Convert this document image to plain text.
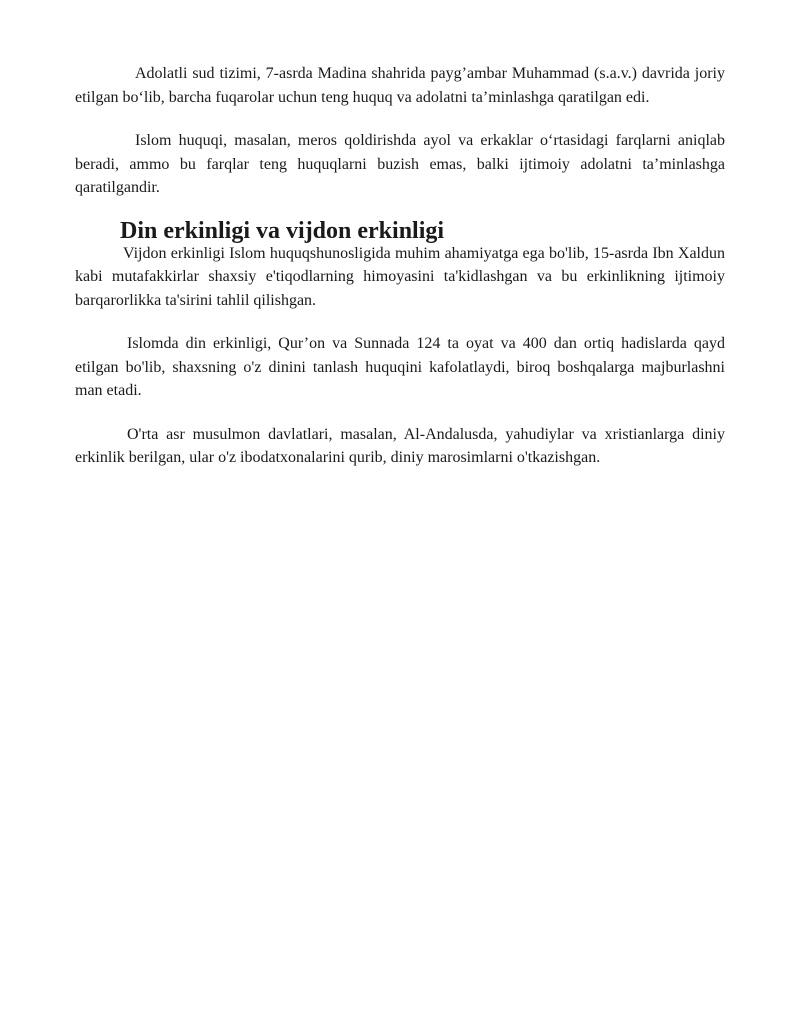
Adolatli sud tizimi, 7-asrda Madina shahrida payg’ambar Muhammad (s.a.v.) davrida joriy etilgan bo‘lib, barcha fuqarolar uchun teng huquq va adolatni ta’minlashga qaratilgan edi.

Islom huquqi, masalan, meros qoldirishda ayol va erkaklar o‘rtasidagi farqlarni aniqlab beradi, ammo bu farqlar teng huquqlarni buzish emas, balki ijtimoiy adolatni ta’minlashga qaratilgandir.

Din erkinligi va vijdon erkinligi

Vijdon erkinligi Islom huquqshunosligida muhim ahamiyatga ega bo'lib, 15-asrda Ibn Xaldun kabi mutafakkirlar shaxsiy e'tiqodlarning himoyasini ta'kidlashgan va bu erkinlikning ijtimoiy barqarorlikka ta'sirini tahlil qilishgan.

Islomda din erkinligi, Qur’on va Sunnada 124 ta oyat va 400 dan ortiq hadislarda qayd etilgan bo'lib, shaxsning o'z dinini tanlash huquqini kafolatlaydi, biroq boshqalarga majburlashni man etadi.

O'rta asr musulmon davlatlari, masalan, Al-Andalusda, yahudiylar va xristianlarga diniy erkinlik berilgan, ular o'z ibodatxonalarini qurib, diniy marosimlarni o'tkazishgan.
